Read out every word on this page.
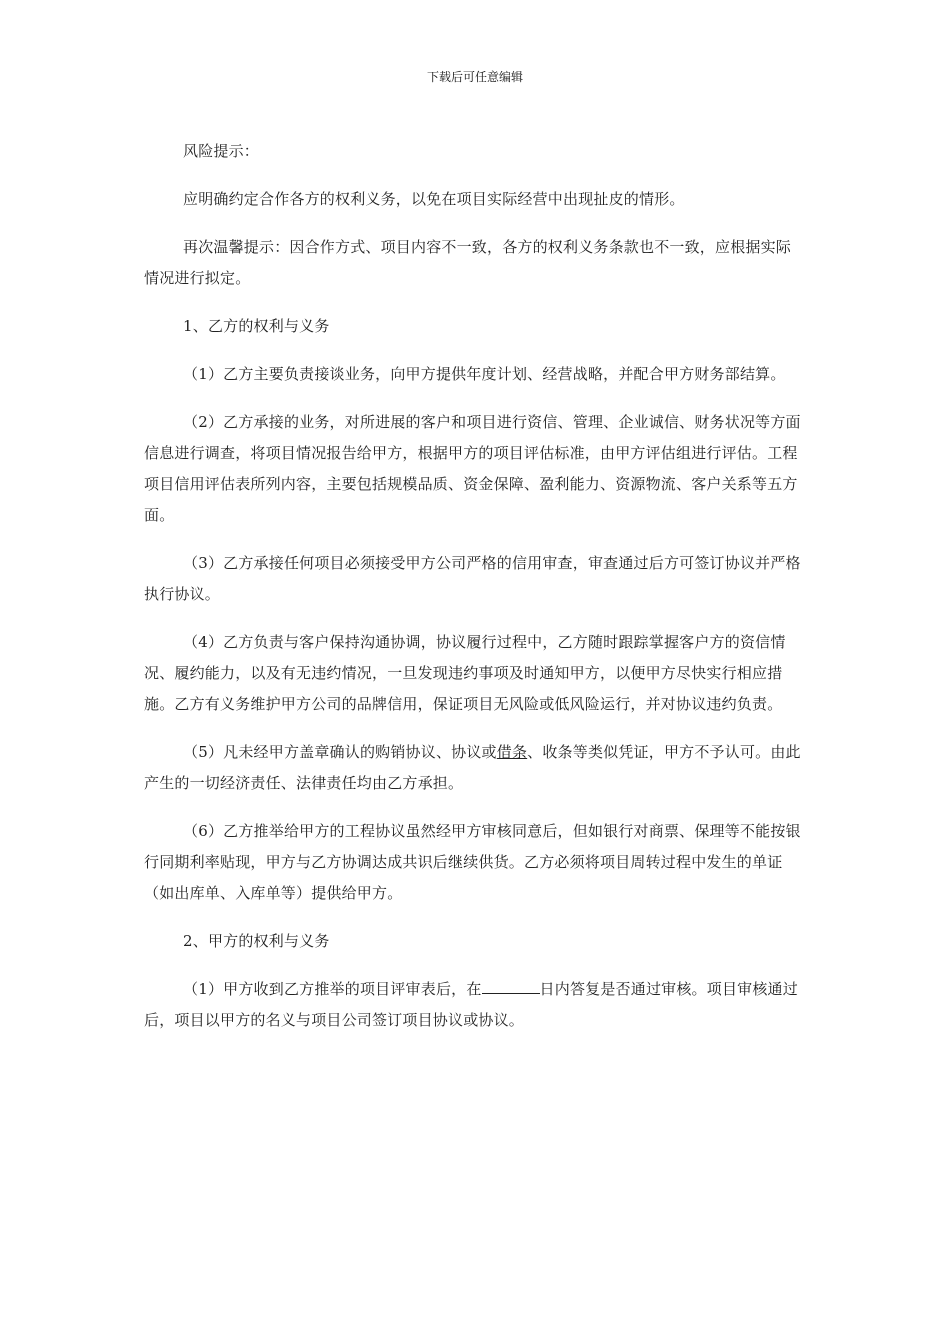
下载后可任意编辑

风险提示：

应明确约定合作各方的权利义务，以免在项目实际经营中出现扯皮的情形。

再次温馨提示：因合作方式、项目内容不一致，各方的权利义务条款也不一致，应根据实际情况进行拟定。

1、乙方的权利与义务

（1）乙方主要负责接谈业务，向甲方提供年度计划、经营战略，并配合甲方财务部结算。

（2）乙方承接的业务，对所进展的客户和项目进行资信、管理、企业诚信、财务状况等方面信息进行调查，将项目情况报告给甲方，根据甲方的项目评估标准，由甲方评估组进行评估。工程项目信用评估表所列内容，主要包括规模品质、资金保障、盈利能力、资源物流、客户关系等五方面。

（3）乙方承接任何项目必须接受甲方公司严格的信用审查，审查通过后方可签订协议并严格执行协议。

（4）乙方负责与客户保持沟通协调，协议履行过程中，乙方随时跟踪掌握客户方的资信情况、履约能力，以及有无违约情况，一旦发现违约事项及时通知甲方，以便甲方尽快实行相应措施。乙方有义务维护甲方公司的品牌信用，保证项目无风险或低风险运行，并对协议违约负责。

（5）凡未经甲方盖章确认的购销协议、协议或借条、收条等类似凭证，甲方不予认可。由此产生的一切经济责任、法律责任均由乙方承担。

（6）乙方推举给甲方的工程协议虽然经甲方审核同意后，但如银行对商票、保理等不能按银行同期利率贴现，甲方与乙方协调达成共识后继续供货。乙方必须将项目周转过程中发生的单证（如出库单、入库单等）提供给甲方。

2、甲方的权利与义务

（1）甲方收到乙方推举的项目评审表后，在	日内答复是否通过审核。项目审核通过后，项目以甲方的名义与项目公司签订项目协议或协议。
